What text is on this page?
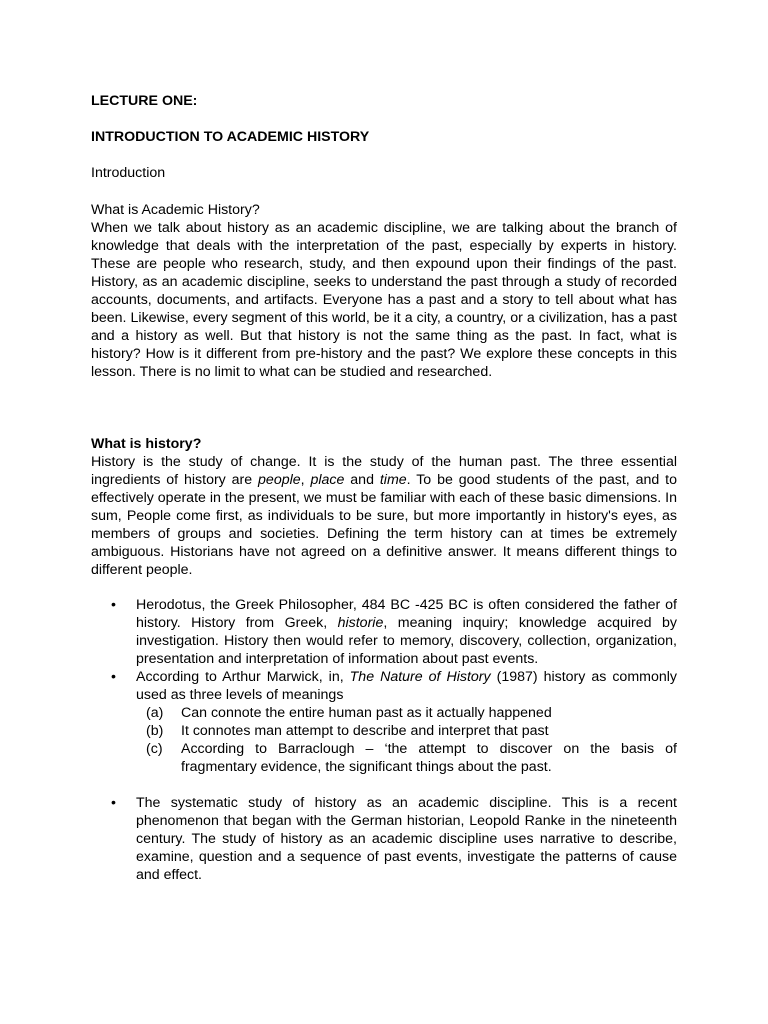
LECTURE ONE:

INTRODUCTION TO ACADEMIC HISTORY

Introduction

What is Academic History?

When we talk about history as an academic discipline, we are talking about the branch of knowledge that deals with the interpretation of the past, especially by experts in history. These are people who research, study, and then expound upon their findings of the past. History, as an academic discipline, seeks to understand the past through a study of recorded accounts, documents, and artifacts. Everyone has a past and a story to tell about what has been. Likewise, every segment of this world, be it a city, a country, or a civilization, has a past and a history as well. But that history is not the same thing as the past. In fact, what is history? How is it different from pre-history and the past? We explore these concepts in this lesson. There is no limit to what can be studied and researched.

What is history?

History is the study of change. It is the study of the human past. The three essential ingredients of history are people, place and time. To be good students of the past, and to effectively operate in the present, we must be familiar with each of these basic dimensions. In sum, People come first, as individuals to be sure, but more importantly in history's eyes, as members of groups and societies. Defining the term history can at times be extremely ambiguous. Historians have not agreed on a definitive answer. It means different things to different people.

• Herodotus, the Greek Philosopher, 484 BC -425 BC is often considered the father of history. History from Greek, historie, meaning inquiry; knowledge acquired by investigation. History then would refer to memory, discovery, collection, organization, presentation and interpretation of information about past events.
• According to Arthur Marwick, in, The Nature of History (1987) history as commonly used as three levels of meanings
(a) Can connote the entire human past as it actually happened
(b) It connotes man attempt to describe and interpret that past
(c) According to Barraclough – ‘the attempt to discover on the basis of fragmentary evidence, the significant things about the past.
• The systematic study of history as an academic discipline. This is a recent phenomenon that began with the German historian, Leopold Ranke in the nineteenth century. The study of history as an academic discipline uses narrative to describe, examine, question and a sequence of past events, investigate the patterns of cause and effect.
